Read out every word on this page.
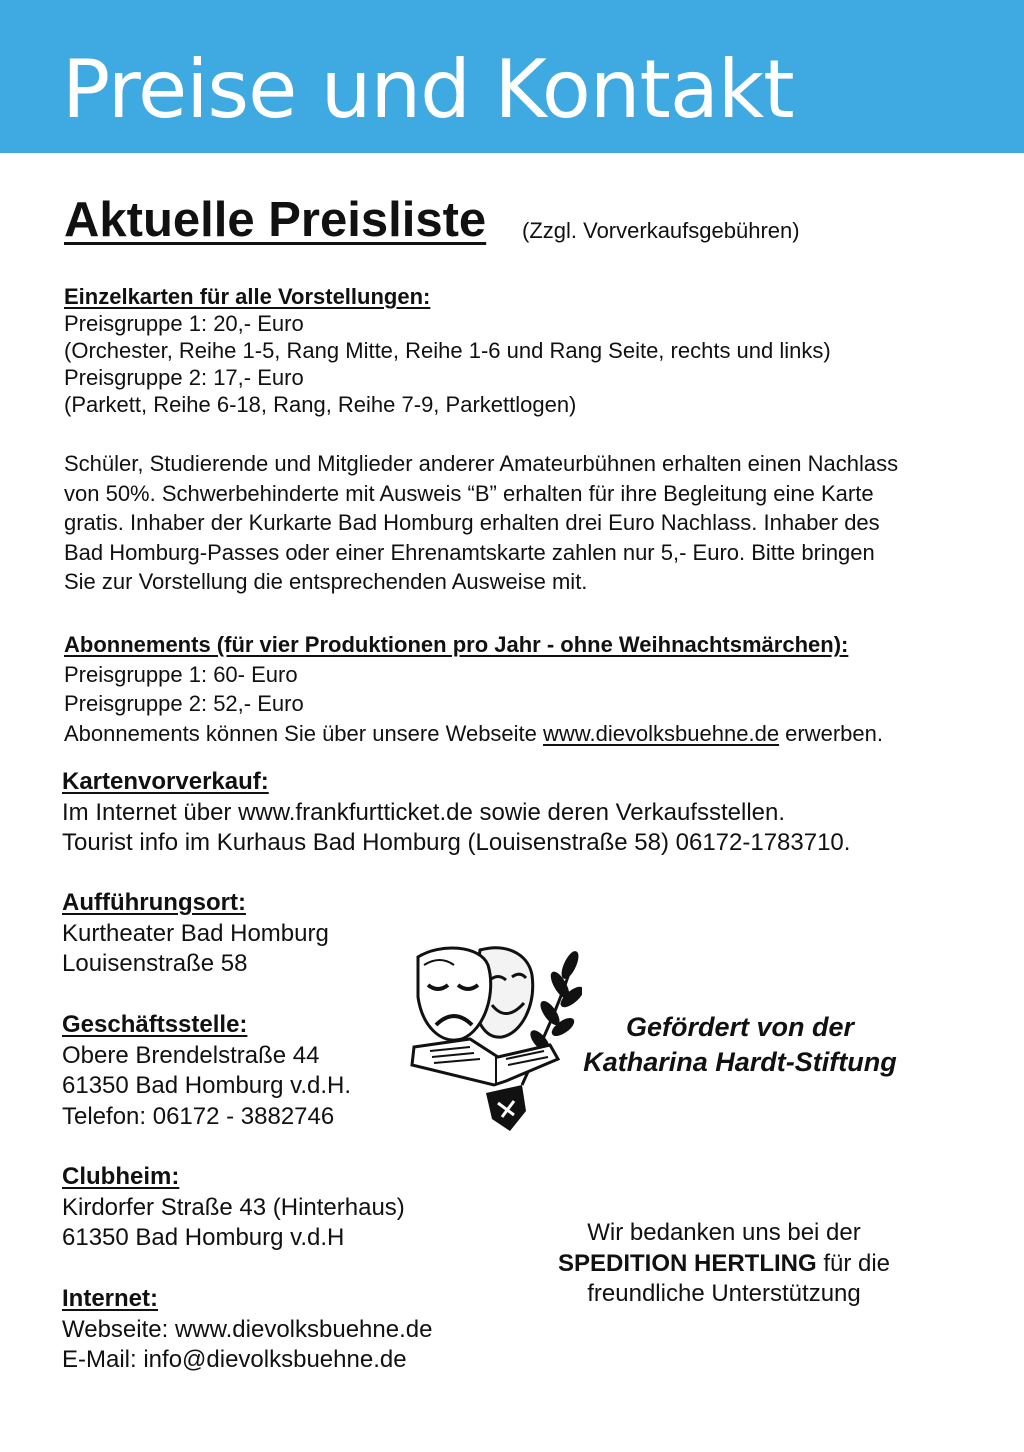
Preise und Kontakt
Aktuelle Preisliste (Zzgl. Vorverkaufsgebühren)

Einzelkarten für alle Vorstellungen:

Preisgruppe 1: 20,- Euro

(Orchester, Reihe 1-5, Rang Mitte, Reihe 1-6 und Rang Seite, rechts und links)

Preisgruppe 2: 17,- Euro

(Parkett, Reihe 6-18, Rang, Reihe 7-9, Parkettlogen)

Schüler, Studierende und Mitglieder anderer Amateurbühnen erhalten einen Nachlass

von 50%. Schwerbehinderte mit Ausweis “B” erhalten für ihre Begleitung eine Karte

gratis. Inhaber der Kurkarte Bad Homburg erhalten drei Euro Nachlass. Inhaber des

Bad Homburg-Passes oder einer Ehrenamtskarte zahlen nur 5,- Euro. Bitte bringen

Sie zur Vorstellung die entsprechenden Ausweise mit.

Abonnements (für vier Produktionen pro Jahr - ohne Weihnachtsmärchen):

Preisgruppe 1: 60- Euro

Preisgruppe 2: 52,- Euro

Abonnements können Sie über unsere Webseite www.dievolksbuehne.de erwerben.

Kartenvorverkauf:

Im Internet über www.frankfurtticket.de sowie deren Verkaufsstellen.

Tourist info im Kurhaus Bad Homburg (Louisenstraße 58) 06172-1783710.

Aufführungsort:

Kurtheater Bad Homburg

Louisenstraße 58

Geschäftsstelle:

Obere Brendelstraße 44

61350 Bad Homburg v.d.H.

Telefon: 06172 - 3882746

Clubheim:

Kirdorfer Straße 43 (Hinterhaus)

61350 Bad Homburg v.d.H

Internet:

Webseite: www.dievolksbuehne.de

E-Mail: info@dievolksbuehne.de

Gefördert von der

Katharina Hardt-Stiftung

Wir bedanken uns bei der

SPEDITION HERTLING für die

freundliche Unterstützung
